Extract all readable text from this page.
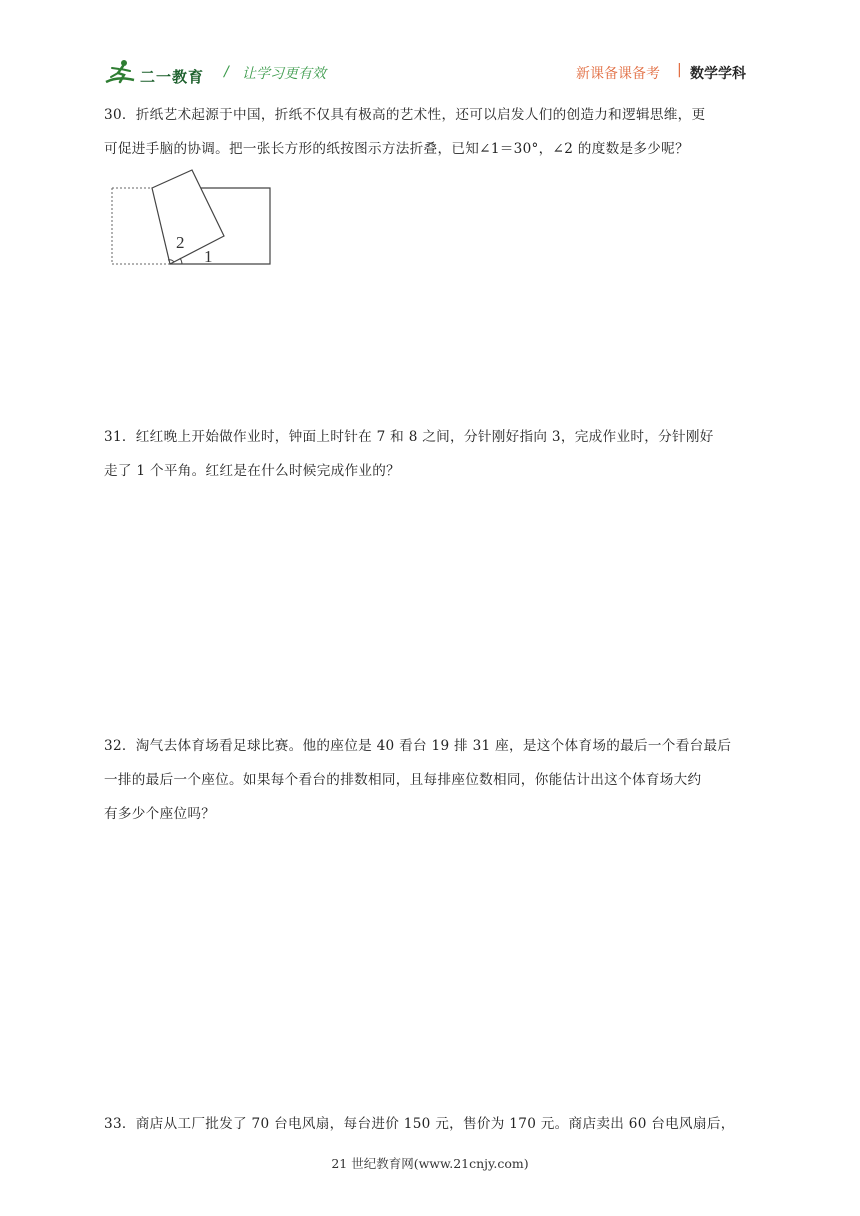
二一教育 / 让学习更有效	新课备课备考 | 数学学科

30．折纸艺术起源于中国，折纸不仅具有极高的艺术性，还可以启发人们的创造力和逻辑思维，更

可促进手脑的协调。把一张长方形的纸按图示方法折叠，已知∠1＝30°，∠2 的度数是多少呢？

2
1

31．红红晚上开始做作业时，钟面上时针在 7 和 8 之间，分针刚好指向 3，完成作业时，分针刚好

走了 1 个平角。红红是在什么时候完成作业的？

32．淘气去体育场看足球比赛。他的座位是 40 看台 19 排 31 座，是这个体育场的最后一个看台最后

一排的最后一个座位。如果每个看台的排数相同，且每排座位数相同，你能估计出这个体育场大约

有多少个座位吗？

33．商店从工厂批发了 70 台电风扇，每台进价 150 元，售价为 170 元。商店卖出 60 台电风扇后，

21 世纪教育网(www.21cnjy.com)
